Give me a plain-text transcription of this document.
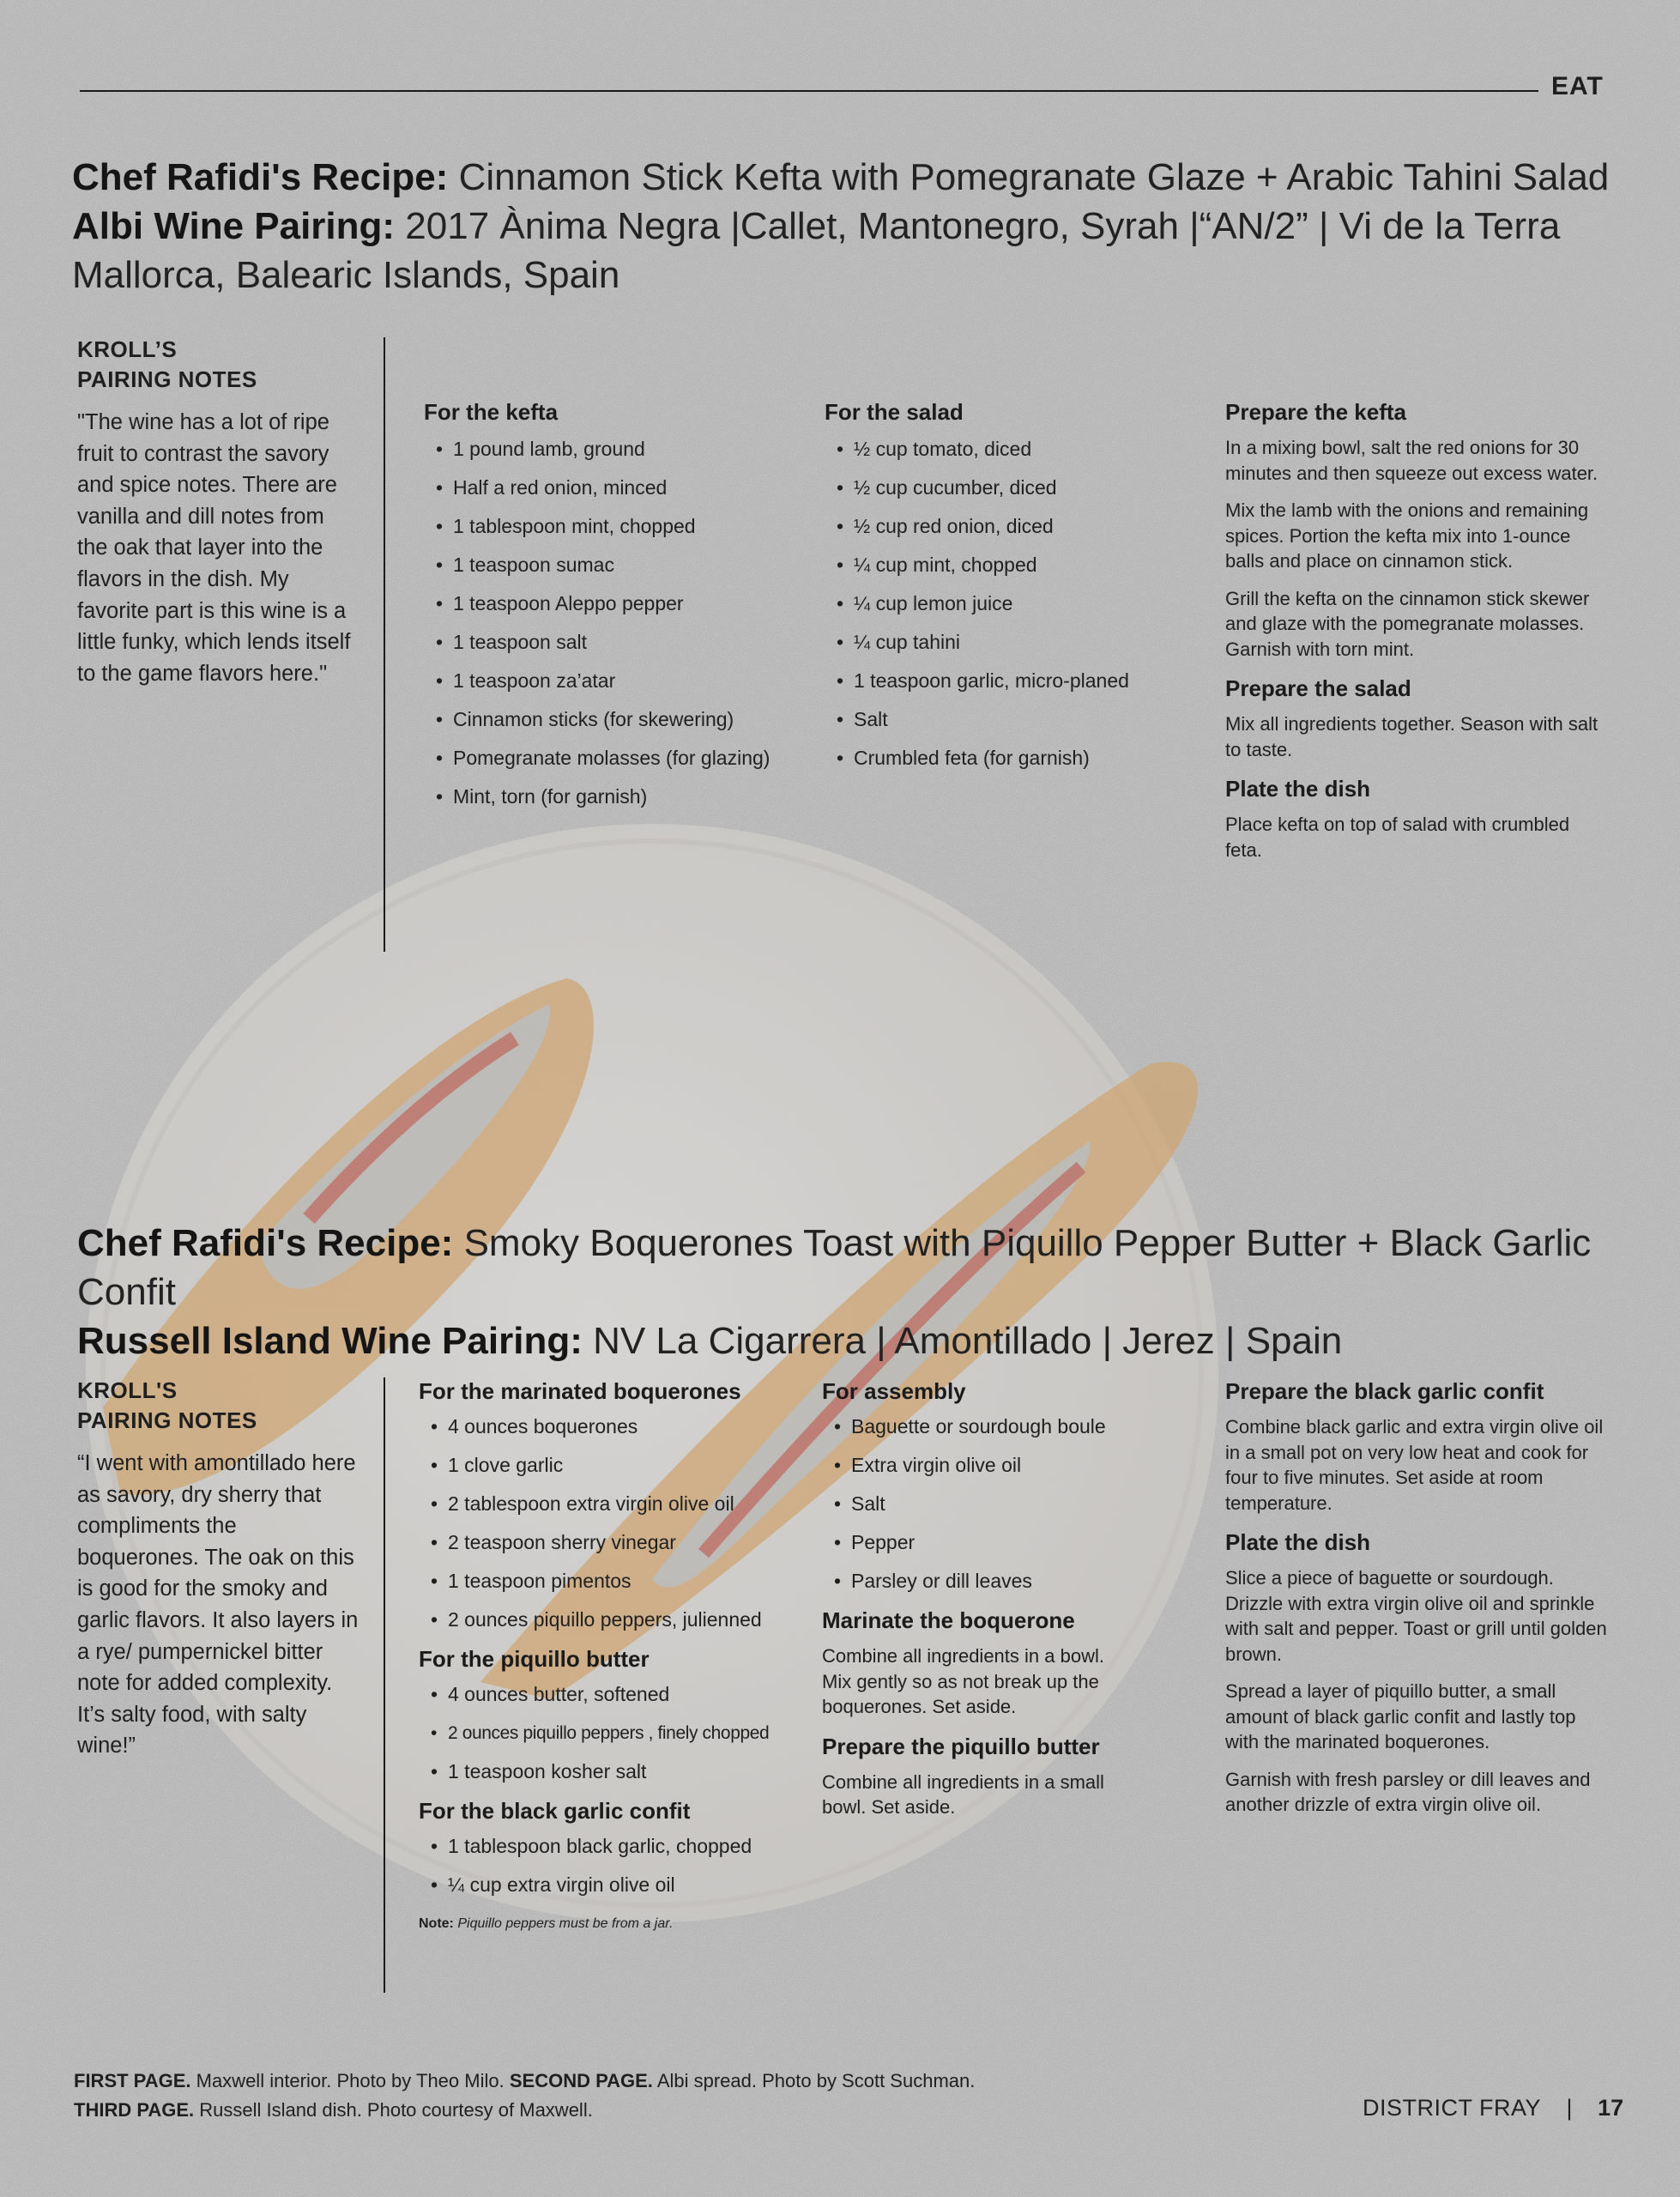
EAT
Chef Rafidi's Recipe: Cinnamon Stick Kefta with Pomegranate Glaze + Arabic Tahini Salad
Albi Wine Pairing: 2017 Ànima Negra |Callet, Mantonegro, Syrah |“AN/2” | Vi de la Terra Mallorca, Balearic Islands, Spain
KROLL’S
PAIRING NOTES

"The wine has a lot of ripe fruit to contrast the savory and spice notes. There are vanilla and dill notes from the oak that layer into the flavors in the dish. My favorite part is this wine is a little funky, which lends itself to the game flavors here."

For the kefta
• 1 pound lamb, ground
• Half a red onion, minced
• 1 tablespoon mint, chopped
• 1 teaspoon sumac
• 1 teaspoon Aleppo pepper
• 1 teaspoon salt
• 1 teaspoon za’atar
• Cinnamon sticks (for skewering)
• Pomegranate molasses (for glazing)
• Mint, torn (for garnish)
For the salad
• ½ cup tomato, diced
• ½ cup cucumber, diced
• ½ cup red onion, diced
• ¼ cup mint, chopped
• ¼ cup lemon juice
• ¼ cup tahini
• 1 teaspoon garlic, micro-planed
• Salt
• Crumbled feta (for garnish)
Prepare the kefta

In a mixing bowl, salt the red onions for 30 minutes and then squeeze out excess water.

Mix the lamb with the onions and remaining spices. Portion the kefta mix into 1-ounce balls and place on cinnamon stick.

Grill the kefta on the cinnamon stick skewer and glaze with the pomegranate molasses. Garnish with torn mint.

Prepare the salad

Mix all ingredients together. Season with salt to taste.

Plate the dish

Place kefta on top of salad with crumbled feta.

Chef Rafidi's Recipe: Smoky Boquerones Toast with Piquillo Pepper Butter + Black Garlic Confit
Russell Island Wine Pairing: NV La Cigarrera | Amontillado | Jerez | Spain
KROLL'S
PAIRING NOTES

“I went with amontillado here as savory, dry sherry that compliments the boquerones. The oak on this is good for the smoky and garlic flavors. It also layers in a rye/ pumpernickel bitter note for added complexity. It’s salty food, with salty wine!”

For the marinated boquerones
• 4 ounces boquerones
• 1 clove garlic
• 2 tablespoon extra virgin olive oil
• 2 teaspoon sherry vinegar
• 1 teaspoon pimentos
• 2 ounces piquillo peppers, julienned
For the piquillo butter
• 4 ounces butter, softened
• 2 ounces piquillo peppers , finely chopped
• 1 teaspoon kosher salt
For the black garlic confit
• 1 tablespoon black garlic, chopped
• ¼ cup extra virgin olive oil
Note: Piquillo peppers must be from a jar.
For assembly
• Baguette or sourdough boule
• Extra virgin olive oil
• Salt
• Pepper
• Parsley or dill leaves
Marinate the boquerone

Combine all ingredients in a bowl. Mix gently so as not break up the boquerones. Set aside.

Prepare the piquillo butter

Combine all ingredients in a small bowl. Set aside.

Prepare the black garlic confit

Combine black garlic and extra virgin olive oil in a small pot on very low heat and cook for four to five minutes. Set aside at room temperature.

Plate the dish

Slice a piece of baguette or sourdough. Drizzle with extra virgin olive oil and sprinkle with salt and pepper. Toast or grill until golden brown.

Spread a layer of piquillo butter, a small amount of black garlic confit and lastly top with the marinated boquerones.

Garnish with fresh parsley or dill leaves and another drizzle of extra virgin olive oil.

FIRST PAGE. Maxwell interior. Photo by Theo Milo. SECOND PAGE. Albi spread. Photo by Scott Suchman.
THIRD PAGE. Russell Island dish. Photo courtesy of Maxwell.	DISTRICT FRAY | 17
